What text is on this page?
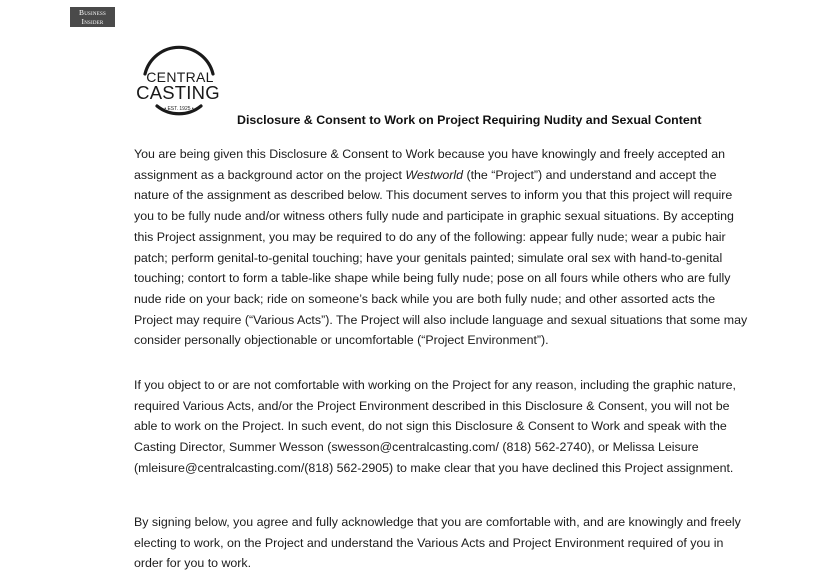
Business
Insider
CENTRAL
CASTING
• EST. 1925 •
Disclosure & Consent to Work on Project Requiring Nudity and Sexual Content

You are being given this Disclosure & Consent to Work because you have knowingly and freely accepted an assignment as a background actor on the project Westworld (the “Project”) and understand and accept the nature of the assignment as described below. This document serves to inform you that this project will require you to be fully nude and/or witness others fully nude and participate in graphic sexual situations. By accepting this Project assignment, you may be required to do any of the following: appear fully nude; wear a pubic hair patch; perform genital-to-genital touching; have your genitals painted; simulate oral sex with hand-to-genital touching; contort to form a table-like shape while being fully nude; pose on all fours while others who are fully nude ride on your back; ride on someone’s back while you are both fully nude; and other assorted acts the Project may require (“Various Acts”). The Project will also include language and sexual situations that some may consider personally objectionable or uncomfortable (“Project Environment”).

If you object to or are not comfortable with working on the Project for any reason, including the graphic nature, required Various Acts, and/or the Project Environment described in this Disclosure & Consent, you will not be able to work on the Project. In such event, do not sign this Disclosure & Consent to Work and speak with the Casting Director, Summer Wesson (swesson@centralcasting.com/ (818) 562-2740), or Melissa Leisure (mleisure@centralcasting.com/(818) 562-2905) to make clear that you have declined this Project assignment.

By signing below, you agree and fully acknowledge that you are comfortable with, and are knowingly and freely electing to work, on the Project and understand the Various Acts and Project Environment required of you in order for you to work.
